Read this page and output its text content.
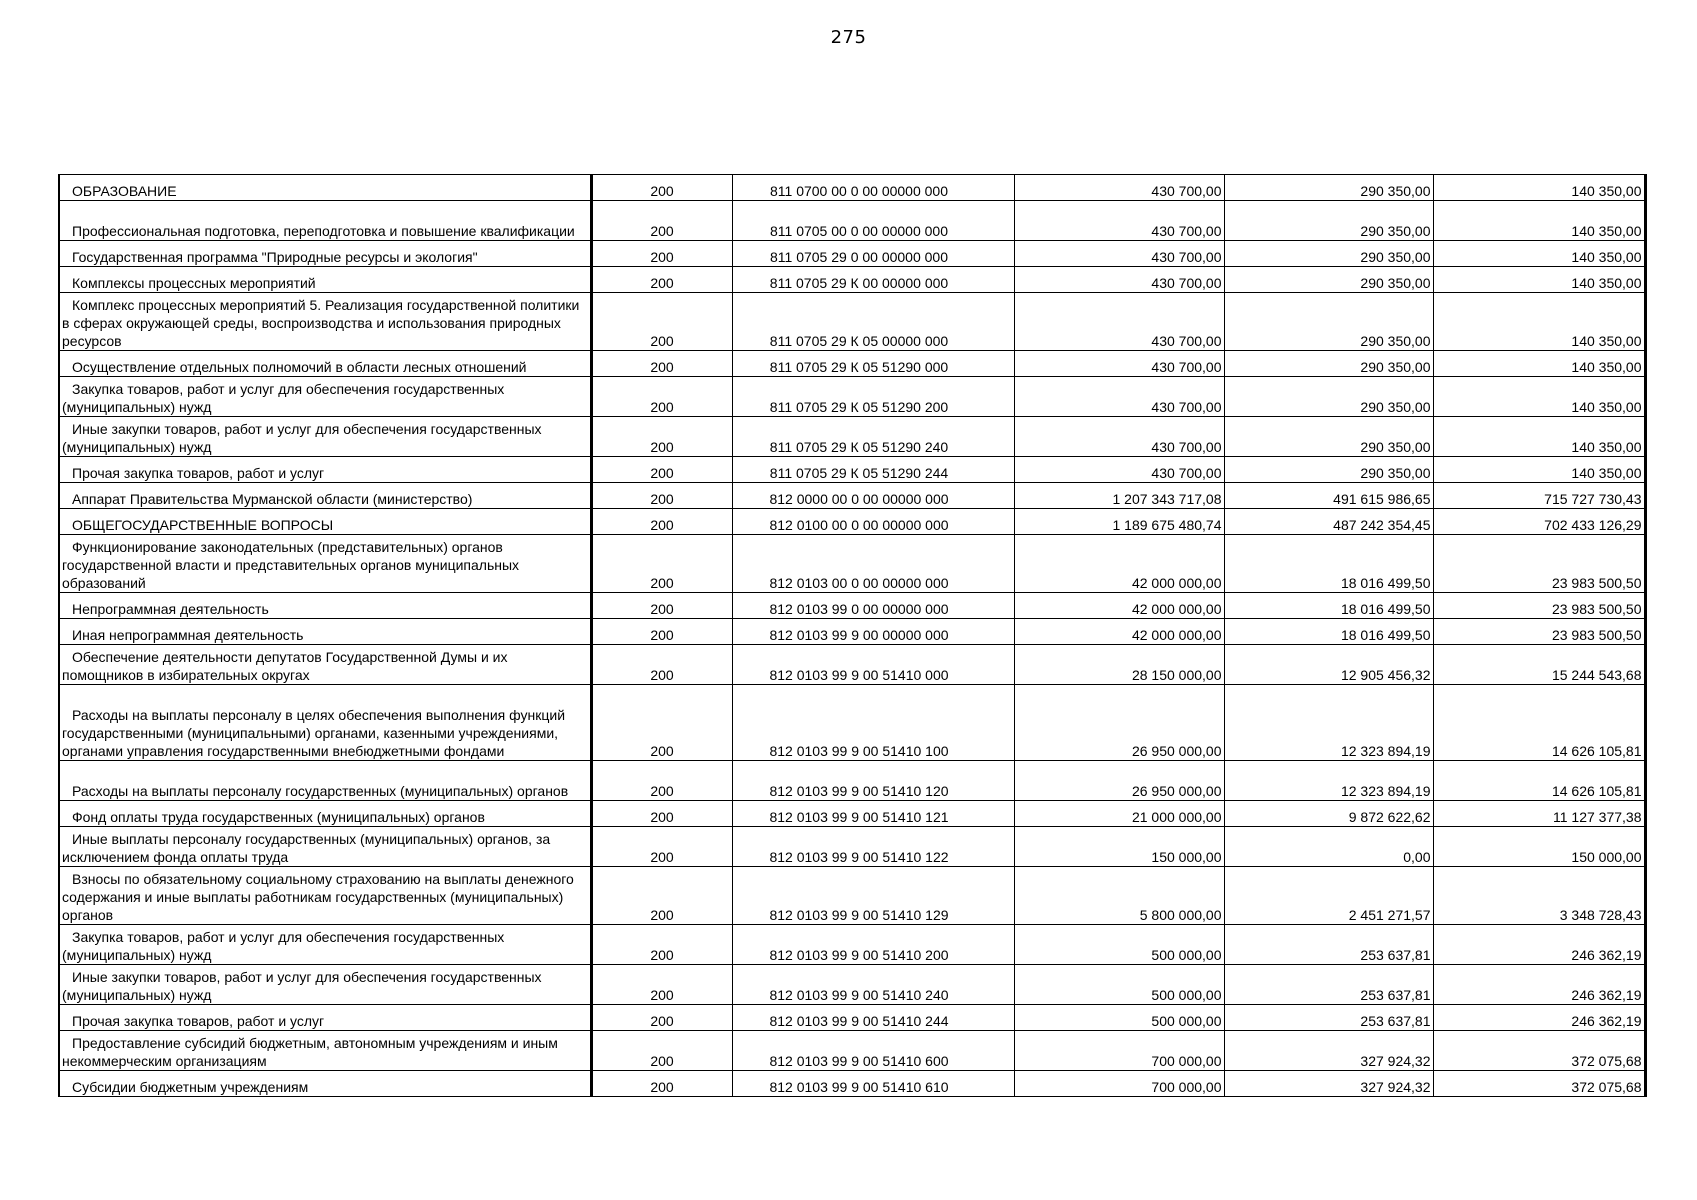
275
ОБРАЗОВАНИЕ	200	811 0700 00 0 00 00000 000	430 700,00	290 350,00	140 350,00

Профессиональная подготовка, переподготовка и повышение квалификации	200	811 0705 00 0 00 00000 000	430 700,00	290 350,00	140 350,00

Государственная программа "Природные ресурсы и экология"	200	811 0705 29 0 00 00000 000	430 700,00	290 350,00	140 350,00

Комплексы процессных мероприятий	200	811 0705 29 К 00 00000 000	430 700,00	290 350,00	140 350,00

Комплекс процессных мероприятий 5. Реализация государственной политики в сферах окружающей среды, воспроизводства и использования природных ресурсов	200	811 0705 29 К 05 00000 000	430 700,00	290 350,00	140 350,00

Осуществление отдельных полномочий в области лесных отношений	200	811 0705 29 К 05 51290 000	430 700,00	290 350,00	140 350,00

Закупка товаров, работ и услуг для обеспечения государственных (муниципальных) нужд	200	811 0705 29 К 05 51290 200	430 700,00	290 350,00	140 350,00

Иные закупки товаров, работ и услуг для обеспечения государственных (муниципальных) нужд	200	811 0705 29 К 05 51290 240	430 700,00	290 350,00	140 350,00

Прочая закупка товаров, работ и услуг	200	811 0705 29 К 05 51290 244	430 700,00	290 350,00	140 350,00

Аппарат Правительства Мурманской области (министерство)	200	812 0000 00 0 00 00000 000	1 207 343 717,08	491 615 986,65	715 727 730,43

ОБЩЕГОСУДАРСТВЕННЫЕ ВОПРОСЫ	200	812 0100 00 0 00 00000 000	1 189 675 480,74	487 242 354,45	702 433 126,29

Функционирование законодательных (представительных) органов государственной власти и представительных органов муниципальных образований	200	812 0103 00 0 00 00000 000	42 000 000,00	18 016 499,50	23 983 500,50

Непрограммная деятельность	200	812 0103 99 0 00 00000 000	42 000 000,00	18 016 499,50	23 983 500,50

Иная непрограммная деятельность	200	812 0103 99 9 00 00000 000	42 000 000,00	18 016 499,50	23 983 500,50

Обеспечение деятельности депутатов Государственной Думы и их помощников в избирательных округах	200	812 0103 99 9 00 51410 000	28 150 000,00	12 905 456,32	15 244 543,68

Расходы на выплаты персоналу в целях обеспечения выполнения функций государственными (муниципальными) органами, казенными учреждениями, органами управления государственными внебюджетными фондами	200	812 0103 99 9 00 51410 100	26 950 000,00	12 323 894,19	14 626 105,81

Расходы на выплаты персоналу государственных (муниципальных) органов	200	812 0103 99 9 00 51410 120	26 950 000,00	12 323 894,19	14 626 105,81

Фонд оплаты труда государственных (муниципальных) органов	200	812 0103 99 9 00 51410 121	21 000 000,00	9 872 622,62	11 127 377,38

Иные выплаты персоналу государственных (муниципальных) органов, за исключением фонда оплаты труда	200	812 0103 99 9 00 51410 122	150 000,00	0,00	150 000,00

Взносы по обязательному социальному страхованию на выплаты денежного содержания и иные выплаты работникам государственных (муниципальных) органов	200	812 0103 99 9 00 51410 129	5 800 000,00	2 451 271,57	3 348 728,43

Закупка товаров, работ и услуг для обеспечения государственных (муниципальных) нужд	200	812 0103 99 9 00 51410 200	500 000,00	253 637,81	246 362,19

Иные закупки товаров, работ и услуг для обеспечения государственных (муниципальных) нужд	200	812 0103 99 9 00 51410 240	500 000,00	253 637,81	246 362,19

Прочая закупка товаров, работ и услуг	200	812 0103 99 9 00 51410 244	500 000,00	253 637,81	246 362,19

Предоставление субсидий бюджетным, автономным учреждениям и иным некоммерческим организациям	200	812 0103 99 9 00 51410 600	700 000,00	327 924,32	372 075,68

Субсидии бюджетным учреждениям	200	812 0103 99 9 00 51410 610	700 000,00	327 924,32	372 075,68
